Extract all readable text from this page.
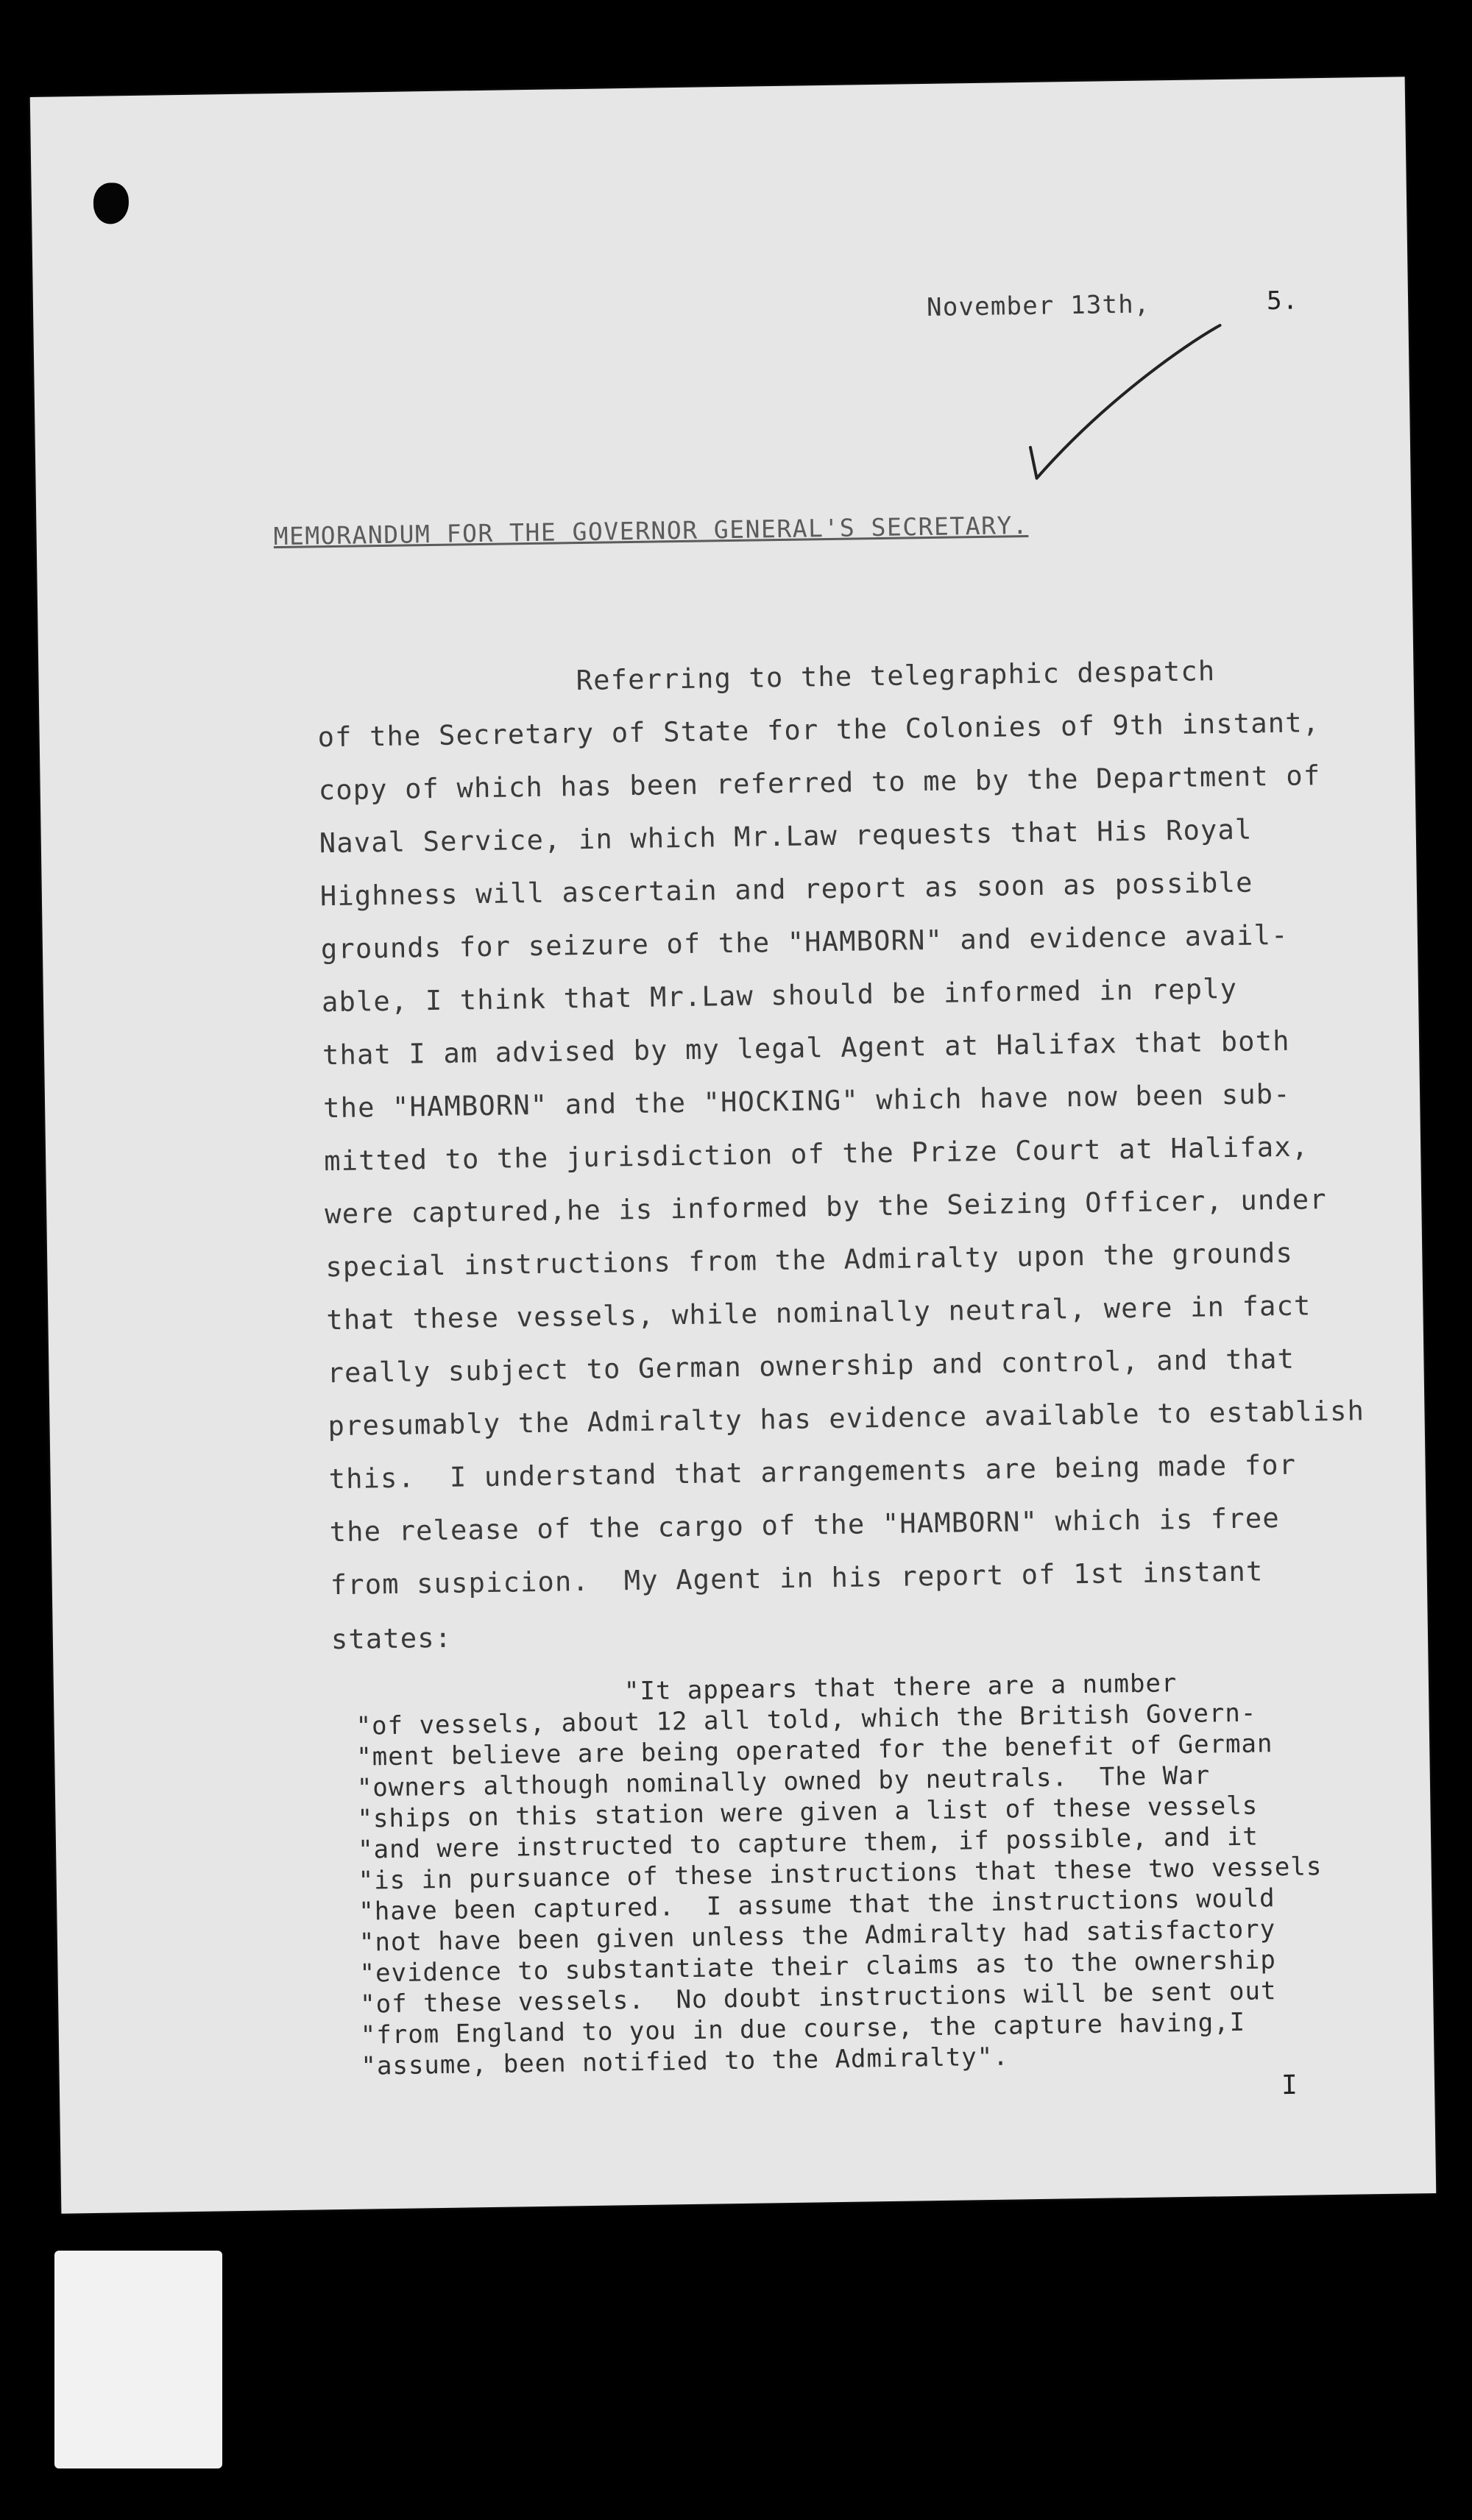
November 13th,	5.
MEMORANDUM FOR THE GOVERNOR GENERAL'S SECRETARY.
Referring to the telegraphic despatch
of the Secretary of State for the Colonies of 9th instant,
copy of which has been referred to me by the Department of
Naval Service, in which Mr.Law requests that His Royal
Highness will ascertain and report as soon as possible
grounds for seizure of the "HAMBORN" and evidence avail-
able, I think that Mr.Law should be informed in reply
that I am advised by my legal Agent at Halifax that both
the "HAMBORN" and the "HOCKING" which have now been sub-
mitted to the jurisdiction of the Prize Court at Halifax,
were captured,he is informed by the Seizing Officer, under
special instructions from the Admiralty upon the grounds
that these vessels, while nominally neutral, were in fact
really subject to German ownership and control, and that
presumably the Admiralty has evidence available to establish
this.  I understand that arrangements are being made for
the release of the cargo of the "HAMBORN" which is free
from suspicion.  My Agent in his report of 1st instant
states:
"It appears that there are a number
"of vessels, about 12 all told, which the British Govern-
"ment believe are being operated for the benefit of German
"owners although nominally owned by neutrals.  The War
"ships on this station were given a list of these vessels
"and were instructed to capture them, if possible, and it
"is in pursuance of these instructions that these two vessels
"have been captured.  I assume that the instructions would
"not have been given unless the Admiralty had satisfactory
"evidence to substantiate their claims as to the ownership
"of these vessels.  No doubt instructions will be sent out
"from England to you in due course, the capture having,I
"assume, been notified to the Admiralty".
I
